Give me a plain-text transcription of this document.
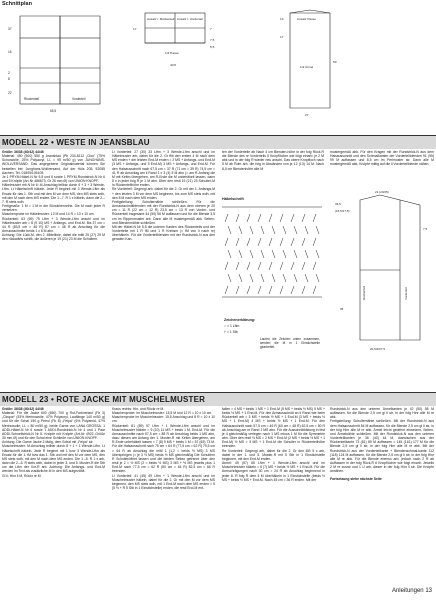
Schnittplan
Rückenteil	Vorderteil
37
16
2
8
22
65,5
Ansatz r. Rückenteil Ansatz l. Vorderteil
1/2 Passe
17	7
7,5
40,5
5,5
Ansatz Passe
1/2 Ärmel
13
50
27
17
MODELL 22 • WESTE IN JEANSBLAU

Größe: 36/38 (40/42) 44/46

Material: 450 (500) 550 g Jeansblau (Pb 234-8112 „Clou“ (75% Schurwolle, 25% Polyacryl, LL = 95 m/50 g) von JUNGHANS-WOLLVERSAND. Das angegebene Originalmaterial können Sie bestellen bei: Junghans-Wollversand, Auf der Hüls 205, 52055 Aachen, Tel. 01805/105105.

Je 1 PRYM-Häkel-N Nr 5,5 und 6 sowie 1 PRYM-Rundstrick-N Nr 6 und 5 Knöpfe (Art-Nr 486673, Gr 26 mm Ø) von UNION KNOPF.

Häkelmuster mit N Nr 6: M-Anschlag teilbar durch 6 + 3 + 3 Wende-Lftm. Lt Häkelschrift häkeln. Jede R beginnt mit 3 Wende-Lftm als Ersatz für das 1. Stb und mit den M vor dem MS, den MS stets wdh, mit den M nach dem MS enden. Die 1.–7. R 1 x häkeln, dann die 2.–7. R stets wdh.

Fertigmaße: 1 M = 1 M in der Bündchenreihe. Die M nach jeder R versetzen.

Maschenprobe im Häkelmuster: 12 M und 14 R = 10 x 10 cm.

Rückenteil: 63 (69) 75 Lftm + 3 Wende-Lftm anschl und im Häkelmuster arb = 8 (9 10) MS + Anfangs- und End-M. Bis 37 cm = 44 R (83,5 cm = 46 R) 87 cm = 48 R ab Anschlag für die Armausschnitte beids 1 x 6 M abn.

Achtung: Die Lück-M, den 2. Mittellinie, dabei die mittl 25 (27) 29 M den rückwärts schlfk, die äußeren je 19 (21) 23 M die Schultern.

Li Vorderteil: 27 (30) 33 Lftm + 3 Wende-Lftm anschl und im Häkelmuster arb, dabei für die 2. Gr ffiit den ersten 4 M nach dem MS enden + der letzten End-M enden = 2 MS + Anfangs- und End-M (3 MS + Anfangs- und 5 End-M) 3 MS + Anfangs- und End-M. Für den Halsausschnitt nach 67,5 cm = 37 R (71 cm = 39 R) 74,5 cm = 41 R ab Anschlag am li Rand 1 x 3 (4) 5 M abn (= am R-Anfang die M mit Kettm übergehen, am R-Ende die M unbehäkelt lassen, dann 5 x in jeder folg R je 1 M abn. Über den restl 19 (21) 23 Schulter-M in Rückenteilhöhe enden.

Re Vorderteil: Gegengl arb, dabei für die 2. Gr mit der 1. Anfangs-M + den letzten 3 M vor dem MS beginnen, bis zum MS stets wdh, mit den 8 M nach dem MS enden.

Fertigstellung: Schulternähte schließen. Für die Armausschnittblenden mit der Rundstrick-N aus dem oberen je 20 cm = 11 R (22 cm = 12 R) 23,5 cm = 13 R von Vorder- und Rückenteil insgesamt 44 (50) 56 M auffassen und für die Blende 3,5 cm im Rippenmuster arb. Dann alle M mustergemäß abk. Seiten- und Blendennähte schließen.

Mit der Häkel-N Nr 5,5 die unteren Kanten des Rückenteils und der Vorderteile mit 1 R fM und 1 R Krebsm (= fM von li nach re) überhäkeln. Für die Vorderteilblenden mit der Rundstrick-N aus den geraden Kan-

ten der Vorderteile ab Nach 4 cm Blenden-höhe in der folg Rück-R die Blende des re Vorderteils 5 Knopflöcher wie folgt einarb: je 2 M abk und in der folg R wieder neu anschl. Das obere Knopfloch nach 5 M ab Rdm arb, die folg in Abständen von je 12 (13) 14 M. Nach 8,5 cm Blendenhöhe alle M

Häkelschrift
Zeichenerklärung:
○ = 1 Lftm
† = 1 Stb
Laufen die Zeichen unten zusammen, werden die M in 1 Einstichstelle gearbeitet.

mustergemäß abk. Für den Kragen mit der Rundstrick-N aus dem Halsausschnitt und den Schmalkanten der Vorderteilblenden 91 (95) 99 M auffassen und 8,5 cm im Perlmuster str. Dann alle M mustergemäß abk. Knöpfe mittig auf die li Vorderteilblende nähen.

Rückenteil	Vorderteil
33,5
(15,5/17,5)
21 (23/25)
7,5
20,5/22/7,5
35
MODELL 23 • ROTE JACKE MIT MUSCHELMUSTER

Größe: 36/38 (40/42) 44/46

Material: Für die Jacke 600 (650) 700 g Rot-Farbverlauf (Fb 3) „Cinque“ (53% Merinowolle, 47% Polyacryl, Lauflänge 140 m/50 g) und für die Schal 150 g Petrol (Fb 8) „Felpa“ (6% Polyamid, 47% Merinowolle, LL = 80 m/50 g); beide Garne von LANA GROSSA. 1 ADDI-Häkel-N Nr 6 sowie 1 ADDI-Rundstrick-N Nr 4 und 1 Paar ADDI-Schnellstrick-N Nr 5. Knöpfe mit Knöpfe (Art-Nr 4922..Größe 30 mm Ø) und für den Schal eine Schließe von UNION KNOPF.

Achtung: Die Garne Jacke 2-fädig, dem Schal mit „Felpa“ str.

Muschelmuster: M-Anschlag teilbar durch 8 + 1 + 1 Wende-Lftm. Lt Häkelschrift häkeln. Jede R beginnt mit 1 bzw 3 Wende-Lftm als Ersatz für die 1. fM bzw das 1. Stb und mit den M vor dem MS, den MS stets wdh, mit den M nach dem MS enden. Die 1.–5. R 1 x arb, dann die 2.–5. R stets wdh, dabei in jeder 3. und 5. Muster-R die Stb um die Lftm der Vor-R arb. Achtung: Die Anfangs- und End-M werden im Text als zusätzliche M in den MS aufgezählt.

Gl li: Hinr li M, Rückr re M.

Kraus rechts: Hin- und Rückr re M.

Maschenprobe: im Muschelmuster: 15,5 M und 12 R = 10 x 10 cm.

Maschenprobe im Muschelmuster: 15,5 Anschlag und 8 R = 10 x 10 cm.

Rückenteil: 81 (89) 97 Lftm + 1 Wende-Lftm anschl und im Muschelmuster häkeln = 9 (10) 11 MS + beids 1 M. End-M. Für die Armausschnitte nach 57,5 cm = 88 R ab Anschlag beids 1 MS abn, dazu diesen am Anfang der 1. Muster-R mit Kettm übergehen, am R-Ende unbehäkelt lassen = 7 (8) 9 MS + beids 1 M = 57 (65) 73 M. Für die Halsausschnitt nach 75 cm = 64 R (77,5 cm = 62 R) 79,5 cm = 64 R ab Anschlag die mittl 1 (1,2 = beids ½ MS) 3 MS überspringen (= je 3 ½ MS) beids ½ MS gleichmäßig Die Schultern R Schulteröffnet lassen und die beiden Seiten getrennt über den restl je 2 = ½ MS (2 = beids ½ MS) 3 MS + ½ MS jeweils plus 1 End-M nach 77,5 cm = 62 R (80 cm = 64 R) 82,5 cm = 66 R beenden.

Li Vorderteil: 41 (45) 49 Lftm + 1 Wende-Lftm anschl und im Muschelmuster häkeln, dabei für die 2. Gr mit den M vor dem MS beginnen, den MS stets wdh, mit 1 End-M nach dem MS enden = 5 (5 ½ + R 5 Stb in 1 Einstichstelle) enden, die restl End-M ent-

fallen = 4 MS + beids 1 MS + 1 End-M (5 MS + beids ½ MS) 5 MS + beids ½ MS + 1 End-M. Für den Armausschnitt an li Rand wie beim Rückenteil arb = 3 MS + beids ½ MS + 1 End-M (3 MS + beids ½ MS + 1 End-M) 4 MS + beids ½ MS + 1 End-M. Für den Halsausschnitt nach 57,5 cm = 46 R (60 cm = 48 R) 62,5 cm = 50 R ab Anschlag am re Rand 1 MS abn. Für die Ausschnittbildung in fest je 4 gleichmäßig verlegen nach 1 MS minus 1 M für die Symmetrie abn. Über den restl ½ MS = 2 MS + End-M (2 MS + beids ½ MS + 1 End-M) ½ MS = 3 MS + 1 End-M die Schulter in Rückenteilhöhe beenden.

Re Vorderteil: Gegengl arb, dabei für die 2. Gr den MS 5 x arb, dabei in der 1. und 5. Muster-R mit 5 Stb in 1 Einstichstelle beginnen, mit den End-M enden.

Ärmel: 49 (57) 65 Lftm + 1 Wende-Lftm anschl und im Muschelmuster häkeln = 6 (7) MS + beids ½ MS + 1 End-M. Für die Armschrägungen nach 30 cm = 24 R ab Anschlag beginnend in jeder 8. R folg R dem 5 M überhäkeln in 1 Einstichstelle (beids ½ MS + beids ½ MS + End-M. Nach 45 cm = 36 R enden. Mit der

Rundstrick-N aus den unteren Ärmelkanten je 42 (50) 58 M auffassen, für die Blende 2,5 cm gl li str, in der folg Hinr alle M re abk.

Fertigstellung: Schulternähte schließen. Mit der Rundstrick-N aus dem Halsausschnitt 54 M auffassen, für die Blende 2,5 cm gl li str, in der folg Hinr alle M re abk. Ärmel leicht gedehnt einsetzen, Seiten- und Ärmelnähte schließen. Mit der Rundstrick-N aus den unteren Vorderteilkanten je 36 (40) 44 M, dazwischen aus der Rückenteilkante 73 (81) 89 M auffassen = 145 (161) 177 M für die Blende 2,5 cm gl li str, in der folg Hinr alle M re abk. Mit der Rundstrick-N aus der Vorderteilkante + Blendenschmal-kante 112 (118) 124 M auffassen, für die Blende 2,5 cm gl li str, in der folg Hinr alle M re abk. Für die Blende ebenso arb, jedoch nach 2 R ab Auffassen in der folg Rück-R 6 Knopflöcher wie folgt einarb: Jeweils 2 M re zusstr und 1 U arb, dieser in der folg Hinr li str. Die Knöpfe annähen.

Fortsetzung siehe nächste Seite

Anleitungen 13
